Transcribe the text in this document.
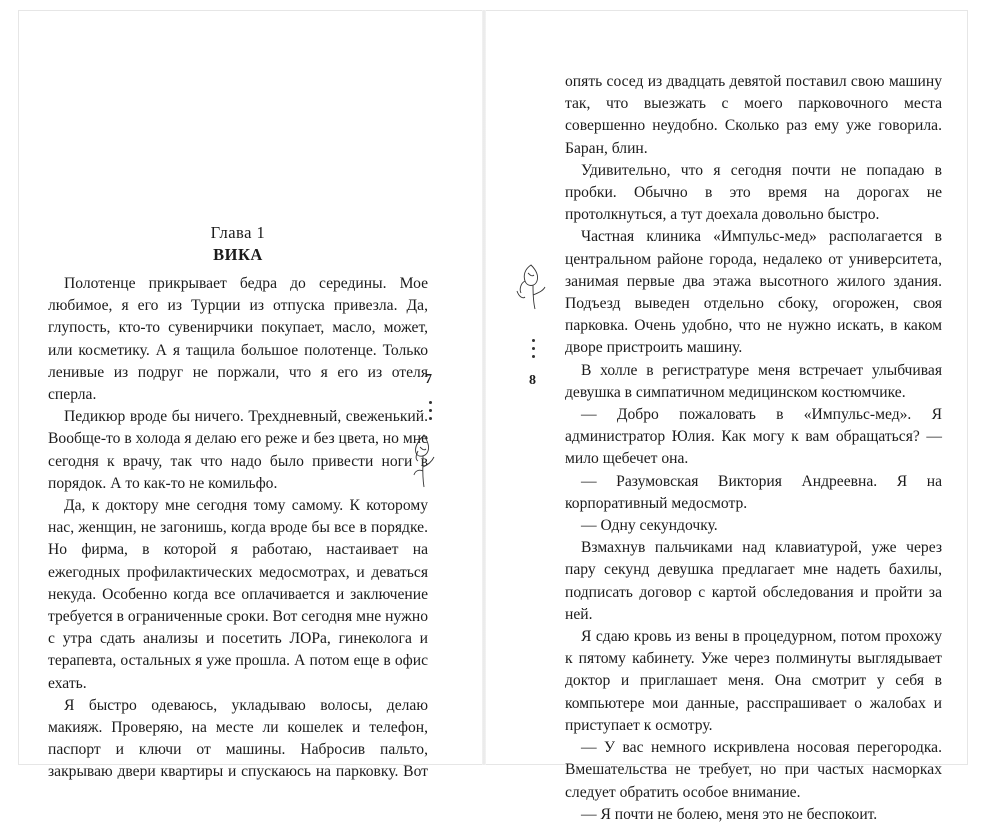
Глава 1
ВИКА

Полотенце прикрывает бедра до середины. Мое любимое, я его из Турции из отпуска привезла. Да, глупость, кто-то сувенирчики покупает, масло, может, или косметику. А я тащила большое полотенце. Только ленивые из подруг не поржали, что я его из отеля сперла.

Педикюр вроде бы ничего. Трехдневный, свеженький. Вообще-то в холода я делаю его реже и без цвета, но мне сегодня к врачу, так что надо было привести ноги в порядок. А то как-то не комильфо.

Да, к доктору мне сегодня тому самому. К которому нас, женщин, не загонишь, когда вроде бы все в порядке. Но фирма, в которой я работаю, настаивает на ежегодных профилактических медосмотрах, и деваться некуда. Особенно когда все оплачивается и заключение требуется в ограниченные сроки. Вот сегодня мне нужно с утра сдать анализы и посетить ЛОРа, гинеколога и терапевта, остальных я уже прошла. А потом еще в офис ехать.

Я быстро одеваюсь, укладываю волосы, делаю макияж. Проверяю, на месте ли кошелек и телефон, паспорт и ключи от машины. Набросив пальто, закрываю двери квартиры и спускаюсь на парковку. Вот

7

опять сосед из двадцать девятой поставил свою машину так, что выезжать с моего парковочного места совершенно неудобно. Сколько раз ему уже говорила. Баран, блин.

Удивительно, что я сегодня почти не попадаю в пробки. Обычно в это время на дорогах не протолкнуться, а тут доехала довольно быстро.

Частная клиника «Импульс-мед» располагается в центральном районе города, недалеко от университета, занимая первые два этажа высотного жилого здания. Подъезд выведен отдельно сбоку, огорожен, своя парковка. Очень удобно, что не нужно искать, в каком дворе пристроить машину.

В холле в регистратуре меня встречает улыбчивая девушка в симпатичном медицинском костюмчике.

— Добро пожаловать в «Импульс-мед». Я администратор Юлия. Как могу к вам обращаться? — мило щебечет она.

— Разумовская Виктория Андреевна. Я на корпоративный медосмотр.

— Одну секундочку.

Взмахнув пальчиками над клавиатурой, уже через пару секунд девушка предлагает мне надеть бахилы, подписать договор с картой обследования и пройти за ней.

Я сдаю кровь из вены в процедурном, потом прохожу к пятому кабинету. Уже через полминуты выглядывает доктор и приглашает меня. Она смотрит у себя в компьютере мои данные, расспрашивает о жалобах и приступает к осмотру.

— У вас немного искривлена носовая перегородка. Вмешательства не требует, но при частых насморках следует обратить особое внимание.

— Я почти не болею, меня это не беспокоит.

8
